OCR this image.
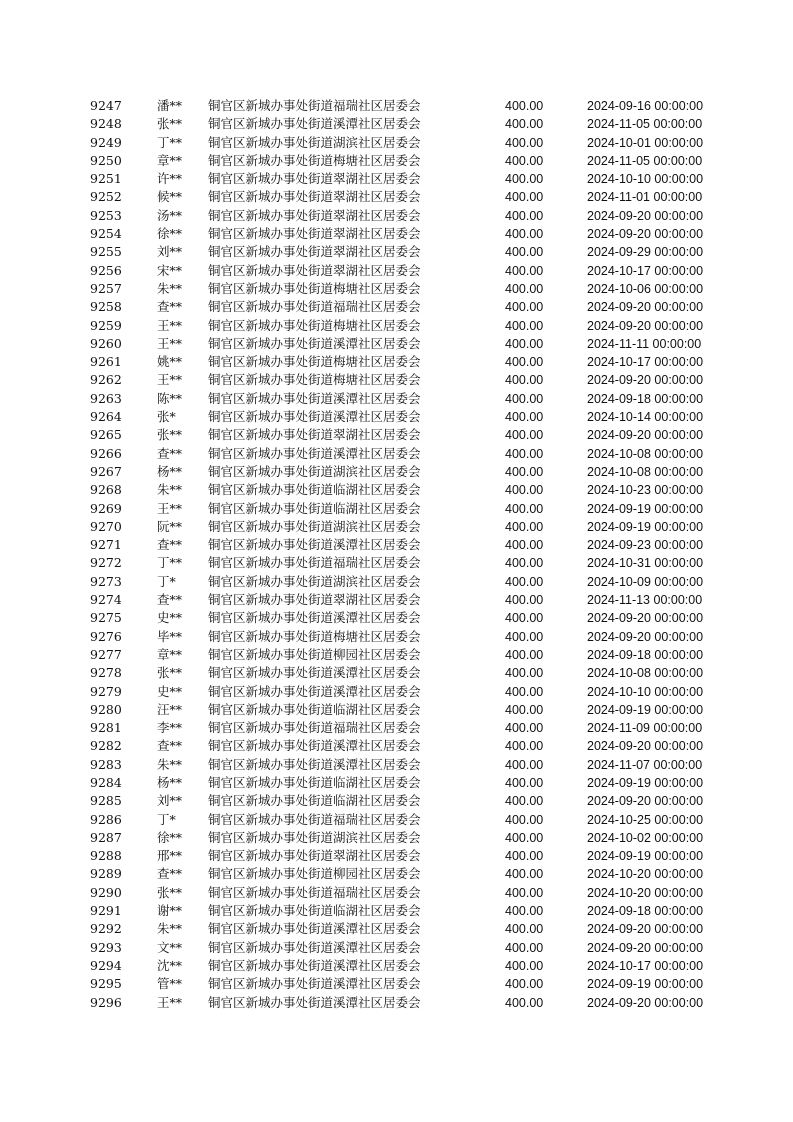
9247	潘** 铜官区新城办事处街道福瑞社区居委会	400.00	2024-09-16 00:00:00
9248	张** 铜官区新城办事处街道溪潭社区居委会	400.00	2024-11-05 00:00:00
9249	丁** 铜官区新城办事处街道湖滨社区居委会	400.00	2024-10-01 00:00:00
9250	章** 铜官区新城办事处街道梅塘社区居委会	400.00	2024-11-05 00:00:00
9251	许** 铜官区新城办事处街道翠湖社区居委会	400.00	2024-10-10 00:00:00
9252	候** 铜官区新城办事处街道翠湖社区居委会	400.00	2024-11-01 00:00:00
9253	汤** 铜官区新城办事处街道翠湖社区居委会	400.00	2024-09-20 00:00:00
9254	徐** 铜官区新城办事处街道翠湖社区居委会	400.00	2024-09-20 00:00:00
9255	刘** 铜官区新城办事处街道翠湖社区居委会	400.00	2024-09-29 00:00:00
9256	宋** 铜官区新城办事处街道翠湖社区居委会	400.00	2024-10-17 00:00:00
9257	朱** 铜官区新城办事处街道梅塘社区居委会	400.00	2024-10-06 00:00:00
9258	查** 铜官区新城办事处街道福瑞社区居委会	400.00	2024-09-20 00:00:00
9259	王** 铜官区新城办事处街道梅塘社区居委会	400.00	2024-09-20 00:00:00
9260	王** 铜官区新城办事处街道溪潭社区居委会	400.00	2024-11-11 00:00:00
9261	姚** 铜官区新城办事处街道梅塘社区居委会	400.00	2024-10-17 00:00:00
9262	王** 铜官区新城办事处街道梅塘社区居委会	400.00	2024-09-20 00:00:00
9263	陈** 铜官区新城办事处街道溪潭社区居委会	400.00	2024-09-18 00:00:00
9264	张*	铜官区新城办事处街道溪潭社区居委会	400.00	2024-10-14 00:00:00
9265	张** 铜官区新城办事处街道翠湖社区居委会	400.00	2024-09-20 00:00:00
9266	查** 铜官区新城办事处街道溪潭社区居委会	400.00	2024-10-08 00:00:00
9267	杨** 铜官区新城办事处街道湖滨社区居委会	400.00	2024-10-08 00:00:00
9268	朱** 铜官区新城办事处街道临湖社区居委会	400.00	2024-10-23 00:00:00
9269	王** 铜官区新城办事处街道临湖社区居委会	400.00	2024-09-19 00:00:00
9270	阮** 铜官区新城办事处街道湖滨社区居委会	400.00	2024-09-19 00:00:00
9271	查** 铜官区新城办事处街道溪潭社区居委会	400.00	2024-09-23 00:00:00
9272	丁** 铜官区新城办事处街道福瑞社区居委会	400.00	2024-10-31 00:00:00
9273	丁*	铜官区新城办事处街道湖滨社区居委会	400.00	2024-10-09 00:00:00
9274	查** 铜官区新城办事处街道翠湖社区居委会	400.00	2024-11-13 00:00:00
9275	史** 铜官区新城办事处街道溪潭社区居委会	400.00	2024-09-20 00:00:00
9276	毕** 铜官区新城办事处街道梅塘社区居委会	400.00	2024-09-20 00:00:00
9277	章** 铜官区新城办事处街道柳园社区居委会	400.00	2024-09-18 00:00:00
9278	张** 铜官区新城办事处街道溪潭社区居委会	400.00	2024-10-08 00:00:00
9279	史** 铜官区新城办事处街道溪潭社区居委会	400.00	2024-10-10 00:00:00
9280	汪** 铜官区新城办事处街道临湖社区居委会	400.00	2024-09-19 00:00:00
9281	李** 铜官区新城办事处街道福瑞社区居委会	400.00	2024-11-09 00:00:00
9282	查** 铜官区新城办事处街道溪潭社区居委会	400.00	2024-09-20 00:00:00
9283	朱** 铜官区新城办事处街道溪潭社区居委会	400.00	2024-11-07 00:00:00
9284	杨** 铜官区新城办事处街道临湖社区居委会	400.00	2024-09-19 00:00:00
9285	刘** 铜官区新城办事处街道临湖社区居委会	400.00	2024-09-20 00:00:00
9286	丁*	铜官区新城办事处街道福瑞社区居委会	400.00	2024-10-25 00:00:00
9287	徐** 铜官区新城办事处街道湖滨社区居委会	400.00	2024-10-02 00:00:00
9288	邢** 铜官区新城办事处街道翠湖社区居委会	400.00	2024-09-19 00:00:00
9289	查** 铜官区新城办事处街道柳园社区居委会	400.00	2024-10-20 00:00:00
9290	张** 铜官区新城办事处街道福瑞社区居委会	400.00	2024-10-20 00:00:00
9291	谢** 铜官区新城办事处街道临湖社区居委会	400.00	2024-09-18 00:00:00
9292	朱** 铜官区新城办事处街道溪潭社区居委会	400.00	2024-09-20 00:00:00
9293	文** 铜官区新城办事处街道溪潭社区居委会	400.00	2024-09-20 00:00:00
9294	沈** 铜官区新城办事处街道溪潭社区居委会	400.00	2024-10-17 00:00:00
9295	管** 铜官区新城办事处街道溪潭社区居委会	400.00	2024-09-19 00:00:00
9296	王** 铜官区新城办事处街道溪潭社区居委会	400.00	2024-09-20 00:00:00
